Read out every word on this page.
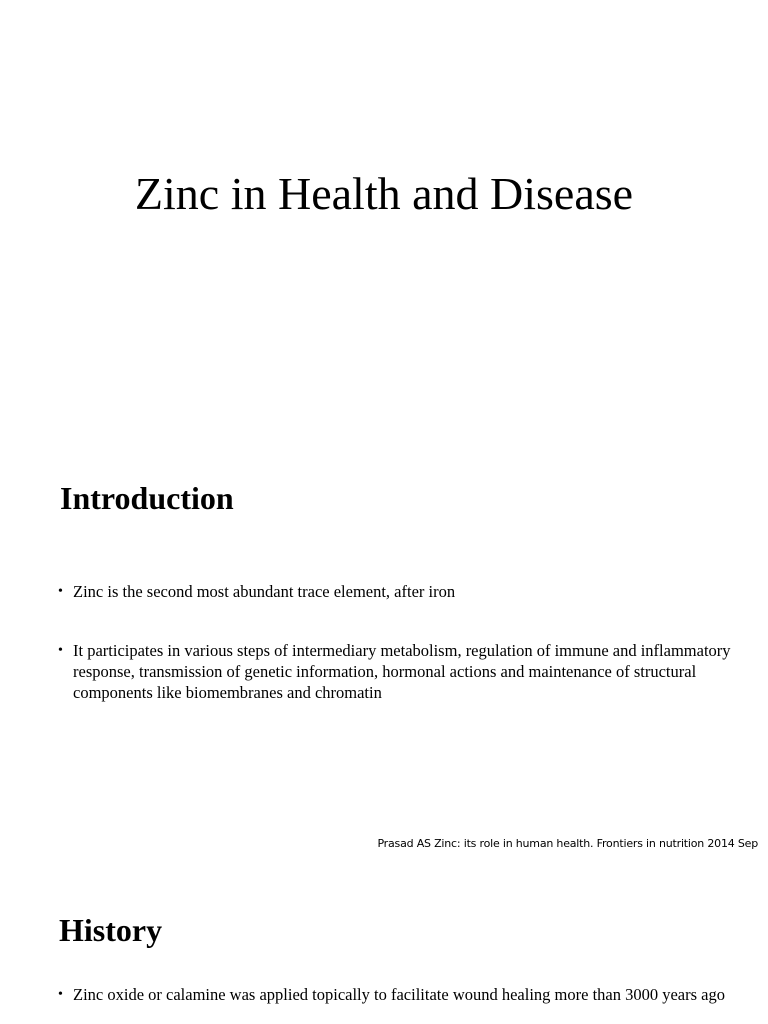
Zinc in Health and Disease
Introduction
• Zinc is the second most abundant trace element, after iron
• It participates in various steps of intermediary metabolism, regulation of immune and inflammatory response, transmission of genetic information, hormonal actions and maintenance of structural components like biomembranes and chromatin
Prasad AS Zinc: its role in human health. Frontiers in nutrition 2014 Sep
History
• Zinc oxide or calamine was applied topically to facilitate wound healing more than 3000 years ago
